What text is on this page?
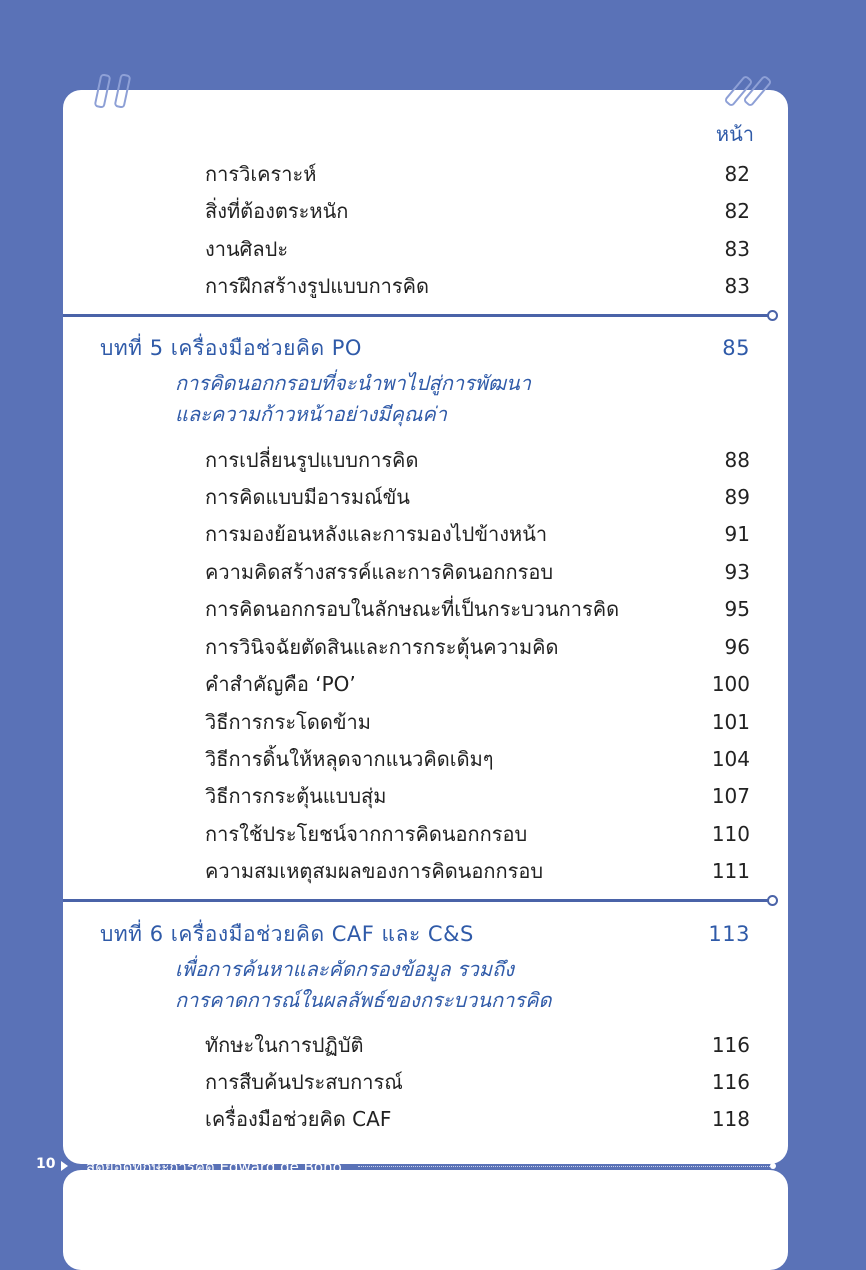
หน้า
การวิเคราะห์	82
สิ่งที่ต้องตระหนัก	82
งานศิลปะ	83
การฝึกสร้างรูปแบบการคิด	83
บทที่ 5 เครื่องมือช่วยคิด PO	85
การคิดนอกกรอบที่จะนำพาไปสู่การพัฒนา
และความก้าวหน้าอย่างมีคุณค่า
การเปลี่ยนรูปแบบการคิด	88
การคิดแบบมีอารมณ์ขัน	89
การมองย้อนหลังและการมองไปข้างหน้า	91
ความคิดสร้างสรรค์และการคิดนอกกรอบ	93
การคิดนอกกรอบในลักษณะที่เป็นกระบวนการคิด	95
การวินิจฉัยตัดสินและการกระตุ้นความคิด	96
คำสำคัญคือ ‘PO’	100
วิธีการกระโดดข้าม	101
วิธีการดิ้นให้หลุดจากแนวคิดเดิมๆ	104
วิธีการกระตุ้นแบบสุ่ม	107
การใช้ประโยชน์จากการคิดนอกกรอบ	110
ความสมเหตุสมผลของการคิดนอกกรอบ	111
บทที่ 6 เครื่องมือช่วยคิด CAF และ C&S	113
เพื่อการค้นหาและคัดกรองข้อมูล รวมถึง
การคาดการณ์ในผลลัพธ์ของกระบวนการคิด
ทักษะในการปฏิบัติ	116
การสืบค้นประสบการณ์	116
เครื่องมือช่วยคิด CAF	118
10 สุดยอดทักษะการคิด Edward de Bono
